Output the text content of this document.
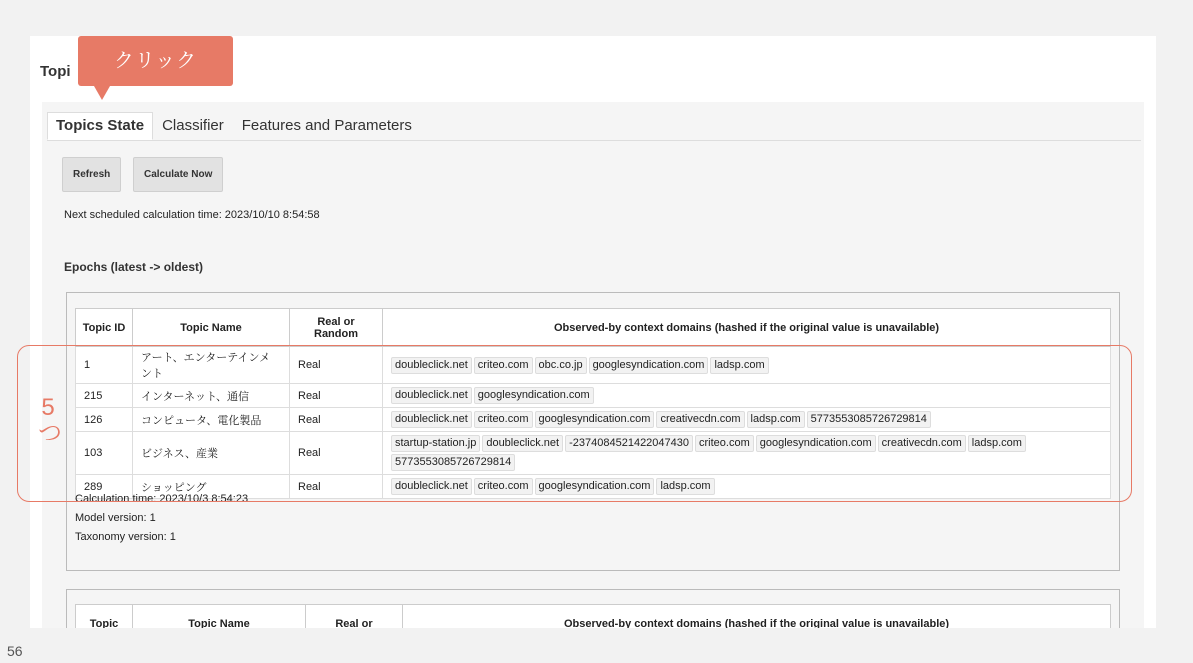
Topi
Topics State	Classifier	Features and Parameters
Refresh	Calculate Now
Next scheduled calculation time: 2023/10/10 8:54:58
Epochs (latest -> oldest)
Topic ID	Topic Name	Real or Random	Observed-by context domains (hashed if the original value is unavailable)
1	アート、エンターテインメント	Real	doubleclick.net criteo.com obc.co.jp googlesyndication.com ladsp.com
215	インターネット、通信	Real	doubleclick.net googlesyndication.com
126	コンピュータ、電化製品	Real	doubleclick.net criteo.com googlesyndication.com creativecdn.com ladsp.com 5773553085726729814
103	ビジネス、産業	Real	startup-station.jp doubleclick.net -2374084521422047430 criteo.com googlesyndication.com creativecdn.com ladsp.com5773553085726729814
289	ショッピング	Real	doubleclick.net criteo.com googlesyndication.com ladsp.com
Calculation time: 2023/10/3 8:54:23
Model version: 1
Taxonomy version: 1
Topic	Topic Name	Real or	Observed-by context domains (hashed if the original value is unavailable)
クリック
5
つ
56
